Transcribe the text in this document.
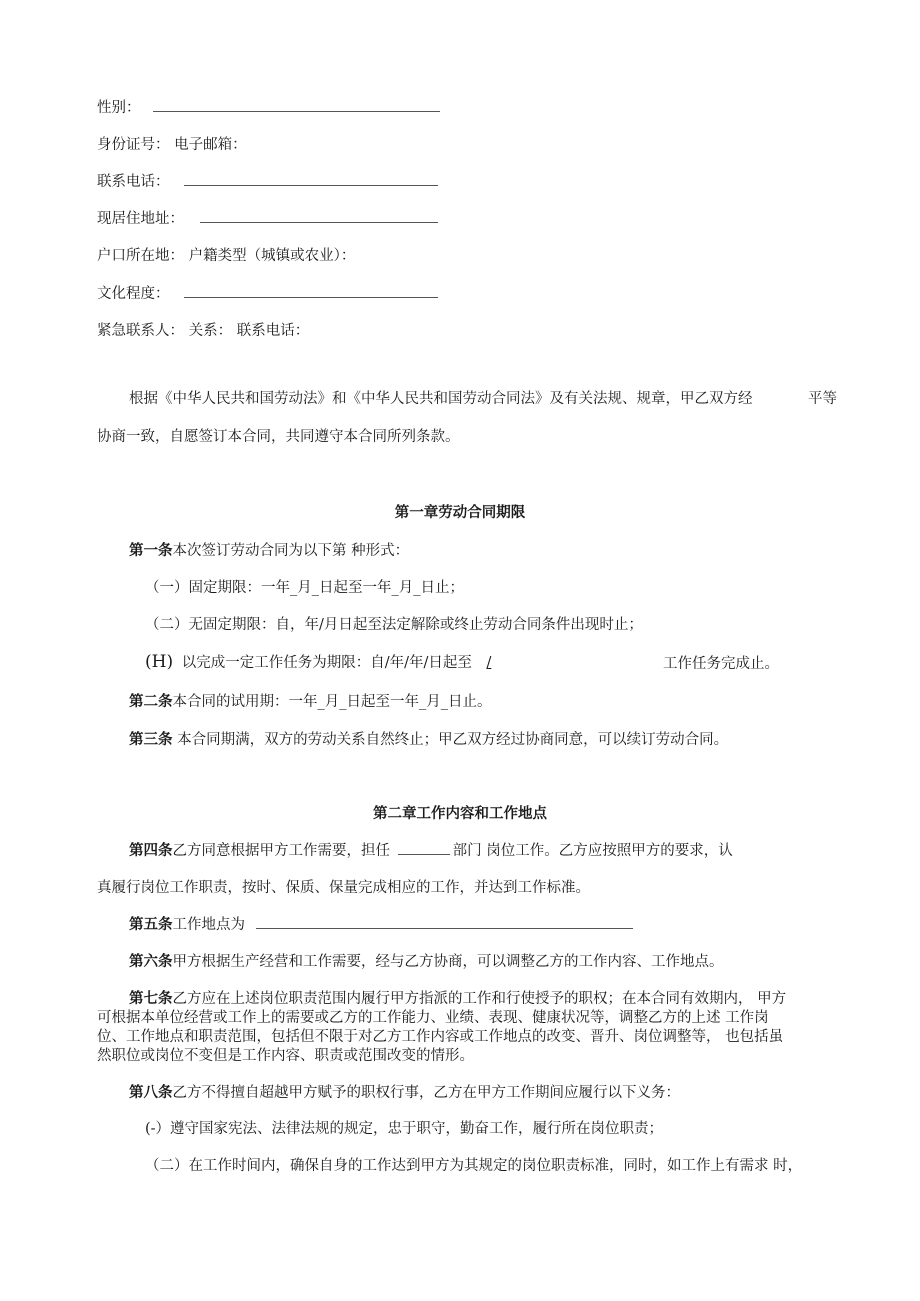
性别：
身份证号： 电子邮箱：
联系电话：
现居住地址：
户口所在地： 户籍类型（城镇或农业）：
文化程度：
紧急联系人： 关系： 联系电话：
根据《中华人民共和国劳动法》和《中华人民共和国劳动合同法》及有关法规、规章，甲乙双方经	平等
协商一致，自愿签订本合同，共同遵守本合同所列条款。
第一章劳动合同期限
第一条本次签订劳动合同为以下第 种形式：
（一）固定期限：一年_月_日起至一年_月_日止；
（二）无固定期限：自，年/月日起至法定解除或终止劳动合同条件出现时止；
(H) 以完成一定工作任务为期限：自/年/年/日起至 /	工作任务完成止。
第二条本合同的试用期：一年_月_日起至一年_月_日止。
第三条 本合同期满，双方的劳动关系自然终止；甲乙双方经过协商同意，可以续订劳动合同。
第二章工作内容和工作地点
第四条乙方同意根据甲方工作需要，担任	部门 岗位工作。乙方应按照甲方的要求，认
真履行岗位工作职责，按时、保质、保量完成相应的工作，并达到工作标准。
第五条工作地点为
第六条甲方根据生产经营和工作需要，经与乙方协商，可以调整乙方的工作内容、工作地点。
第七条乙方应在上述岗位职责范围内履行甲方指派的工作和行使授予的职权；在本合同有效期内， 甲方
可根据本单位经营或工作上的需要或乙方的工作能力、业绩、表现、健康状况等，调整乙方的上述 工作岗
位、工作地点和职责范围，包括但不限于对乙方工作内容或工作地点的改变、晋升、岗位调整等， 也包括虽
然职位或岗位不变但是工作内容、职责或范围改变的情形。
第八条乙方不得擅自超越甲方赋予的职权行事，乙方在甲方工作期间应履行以下义务：
(-）遵守国家宪法、法律法规的规定，忠于职守，勤奋工作，履行所在岗位职责；
（二）在工作时间内，确保自身的工作达到甲方为其规定的岗位职责标准，同时，如工作上有需求 时，
